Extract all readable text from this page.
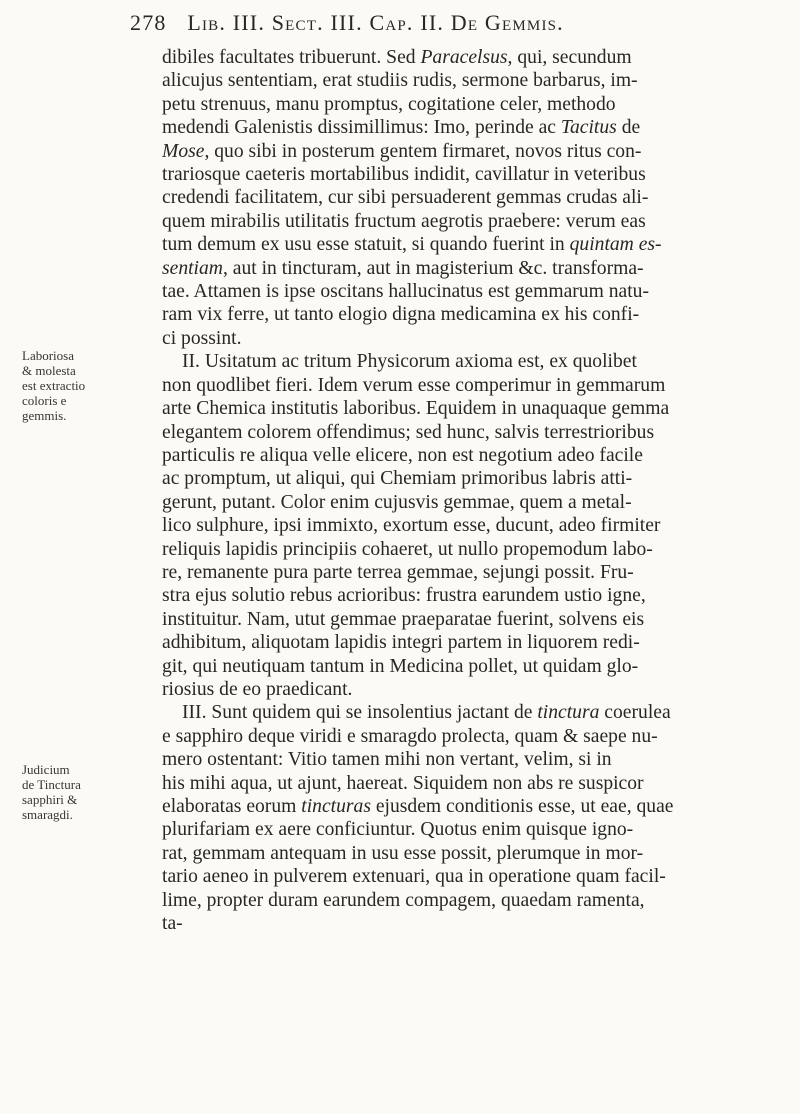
278 Lib. III. Sect. III. Cap. II. De Gemmis.
Laboriosa
& molesta
est extractio
coloris e
gemmis.
Judicium
de Tinctura
sapphiri &
smaragdi.
dibiles facultates tribuerunt. Sed Paracelsus, qui, secundum
alicujus sententiam, erat studiis rudis, sermone barbarus, im-
petu strenuus, manu promptus, cogitatione celer, methodo
medendi Galenistis dissimillimus: Imo, perinde ac Tacitus de
Mose, quo sibi in posterum gentem firmaret, novos ritus con-
trariosque caeteris mortabilibus indidit, cavillatur in veteribus
credendi facilitatem, cur sibi persuaderent gemmas crudas ali-
quem mirabilis utilitatis fructum aegrotis praebere: verum eas
tum demum ex usu esse statuit, si quando fuerint in quintam es-
sentiam, aut in tincturam, aut in magisterium &c. transforma-
tae. Attamen is ipse oscitans hallucinatus est gemmarum natu-
ram vix ferre, ut tanto elogio digna medicamina ex his confi-
ci possint.
II. Usitatum ac tritum Physicorum axioma est, ex quolibet
non quodlibet fieri. Idem verum esse comperimur in gemmarum
arte Chemica institutis laboribus. Equidem in unaquaque gemma
elegantem colorem offendimus; sed hunc, salvis terrestrioribus
particulis re aliqua velle elicere, non est negotium adeo facile
ac promptum, ut aliqui, qui Chemiam primoribus labris atti-
gerunt, putant. Color enim cujusvis gemmae, quem a metal-
lico sulphure, ipsi immixto, exortum esse, ducunt, adeo firmiter
reliquis lapidis principiis cohaeret, ut nullo propemodum labo-
re, remanente pura parte terrea gemmae, sejungi possit. Fru-
stra ejus solutio rebus acrioribus: frustra earundem ustio igne,
instituitur. Nam, utut gemmae praeparatae fuerint, solvens eis
adhibitum, aliquotam lapidis integri partem in liquorem redi-
git, qui neutiquam tantum in Medicina pollet, ut quidam glo-
riosius de eo praedicant.
III. Sunt quidem qui se insolentius jactant de tinctura coerulea
e sapphiro deque viridi e smaragdo prolecta, quam & saepe nu-
mero ostentant: Vitio tamen mihi non vertant, velim, si in
his mihi aqua, ut ajunt, haereat. Siquidem non abs re suspicor
elaboratas eorum tincturas ejusdem conditionis esse, ut eae, quae
plurifariam ex aere conficiuntur. Quotus enim quisque igno-
rat, gemmam antequam in usu esse possit, plerumque in mor-
tario aeneo in pulverem extenuari, qua in operatione quam facil-
lime, propter duram earundem compagem, quaedam ramenta,
ta-
